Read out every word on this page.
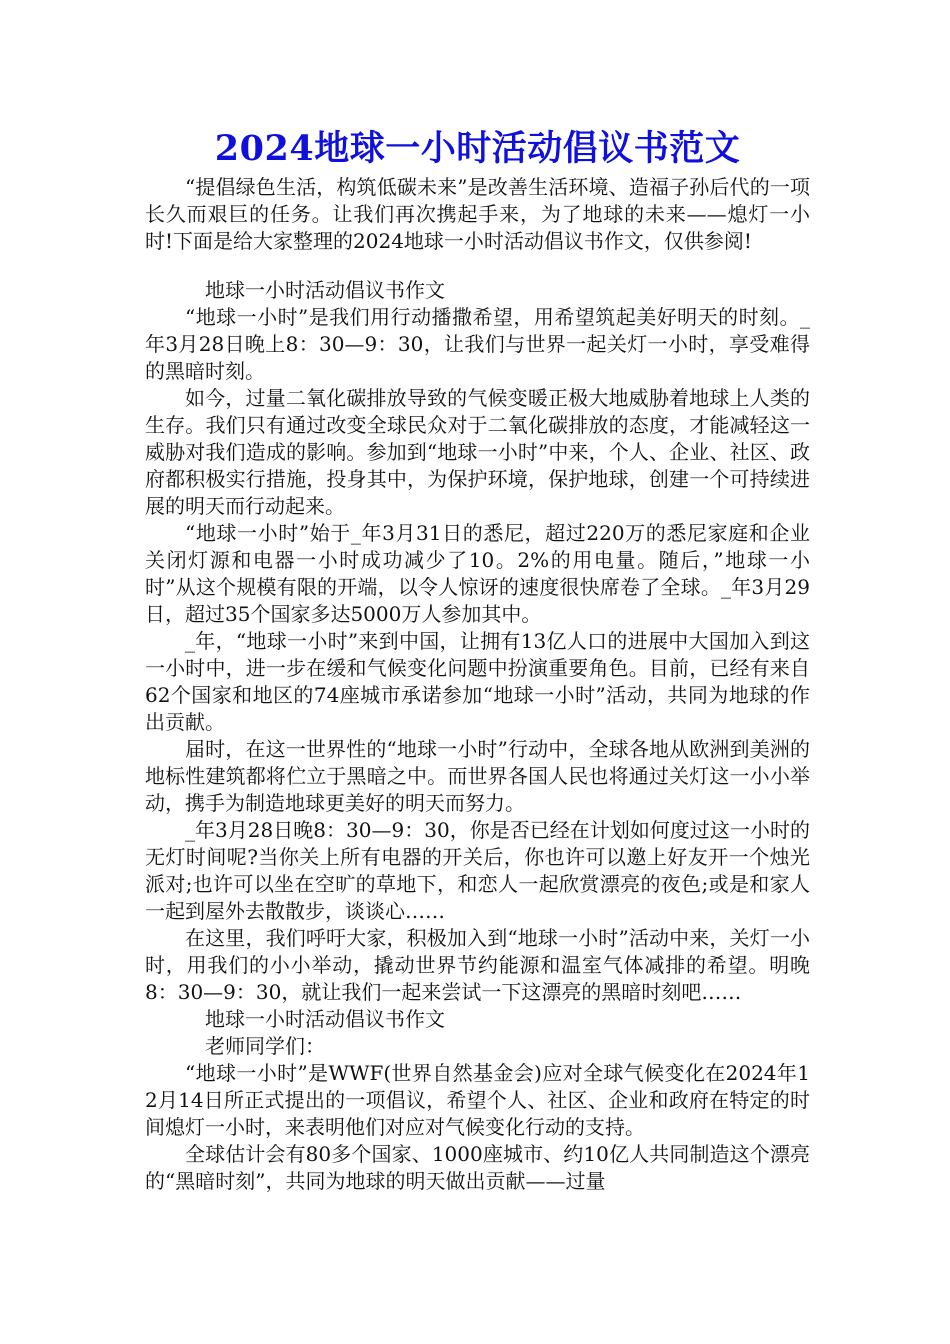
2024地球一小时活动倡议书范文

“提倡绿色生活，构筑低碳未来”是改善生活环境、造福子孙后代的一项长久而艰巨的任务。让我们再次携起手来，为了地球的未来——熄灯一小时!下面是给大家整理的2024地球一小时活动倡议书作文，仅供参阅!

地球一小时活动倡议书作文

“地球一小时”是我们用行动播撒希望，用希望筑起美好明天的时刻。_年3月28日晚上8：30—9：30，让我们与世界一起关灯一小时，享受难得的黑暗时刻。

如今，过量二氧化碳排放导致的气候变暖正极大地威胁着地球上人类的生存。我们只有通过改变全球民众对于二氧化碳排放的态度，才能减轻这一威胁对我们造成的影响。参加到“地球一小时”中来，个人、企业、社区、政府都积极实行措施，投身其中，为保护环境，保护地球，创建一个可持续进展的明天而行动起来。

“地球一小时”始于_年3月31日的悉尼，超过220万的悉尼家庭和企业关闭灯源和电器一小时成功减少了10。2%的用电量。随后，”地球一小时”从这个规模有限的开端，以令人惊讶的速度很快席卷了全球。_年3月29日，超过35个国家多达5000万人参加其中。

_年，“地球一小时”来到中国，让拥有13亿人口的进展中大国加入到这一小时中，进一步在缓和气候变化问题中扮演重要角色。目前，已经有来自62个国家和地区的74座城市承诺参加“地球一小时”活动，共同为地球的作出贡献。

届时，在这一世界性的“地球一小时”行动中，全球各地从欧洲到美洲的地标性建筑都将伫立于黑暗之中。而世界各国人民也将通过关灯这一小小举动，携手为制造地球更美好的明天而努力。

_年3月28日晚8：30—9：30，你是否已经在计划如何度过这一小时的无灯时间呢?当你关上所有电器的开关后，你也许可以邀上好友开一个烛光派对;也许可以坐在空旷的草地下，和恋人一起欣赏漂亮的夜色;或是和家人一起到屋外去散散步，谈谈心……

在这里，我们呼吁大家，积极加入到“地球一小时”活动中来，关灯一小时，用我们的小小举动，撬动世界节约能源和温室气体减排的希望。明晚8：30—9：30，就让我们一起来尝试一下这漂亮的黑暗时刻吧……

地球一小时活动倡议书作文

老师同学们：

“地球一小时”是WWF(世界自然基金会)应对全球气候变化在2024年12月14日所正式提出的一项倡议，希望个人、社区、企业和政府在特定的时间熄灯一小时，来表明他们对应对气候变化行动的支持。

全球估计会有80多个国家、1000座城市、约10亿人共同制造这个漂亮的“黑暗时刻”，共同为地球的明天做出贡献——过量
